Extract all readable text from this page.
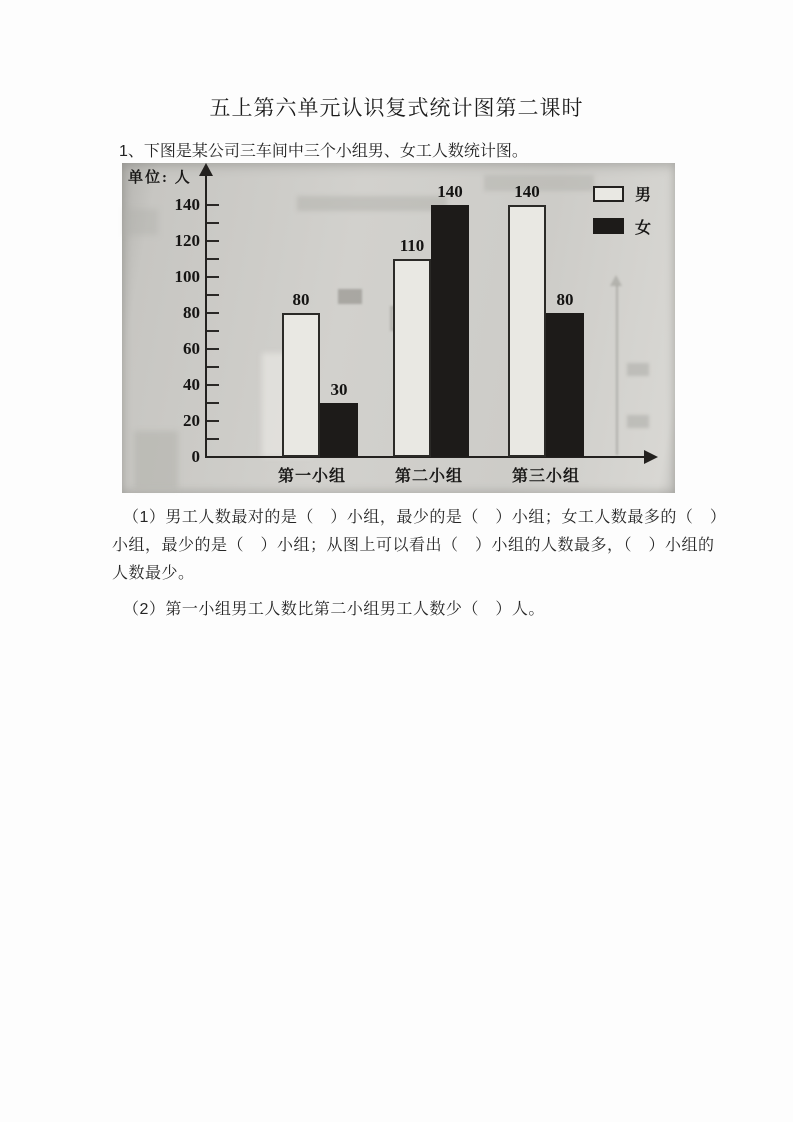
五上第六单元认识复式统计图第二课时
1、下图是某公司三车间中三个小组男、女工人数统计图。
单位: 人
0
20
40
60
80
100
120
140
80
30
第一小组
110
140
第二小组
140
80
第三小组
男
女
（1）男工人数最对的是（　）小组，最少的是（　）小组；女工人数最多的（　）
小组，最少的是（　）小组；从图上可以看出（　）小组的人数最多，（　）小组的
人数最少。
（2）第一小组男工人数比第二小组男工人数少（　）人。
